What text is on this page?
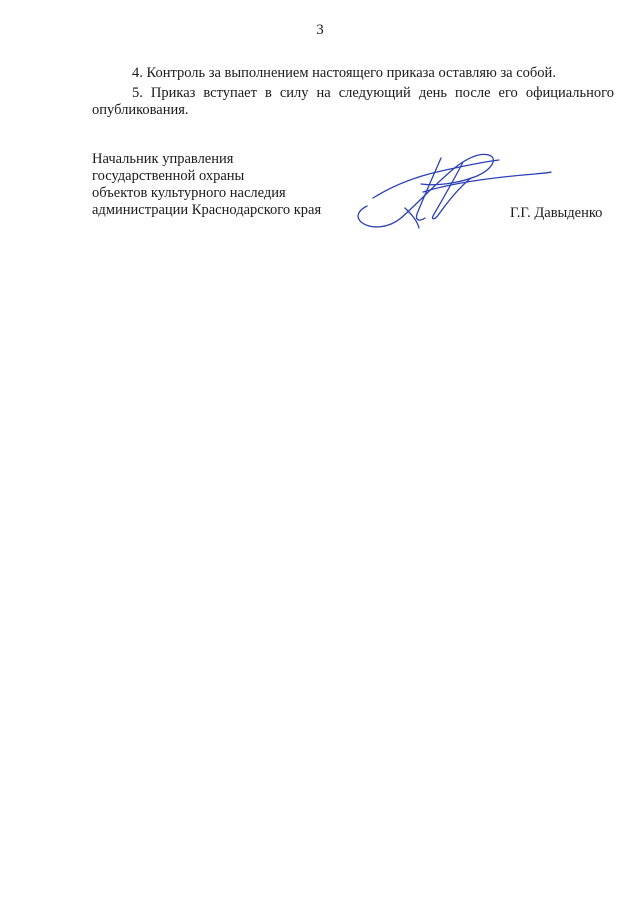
3

4. Контроль за выполнением настоящего приказа оставляю за собой.

5. Приказ вступает в силу на следующий день после его официального опубликования.

Начальник управления
государственной охраны
объектов культурного наследия
администрации Краснодарского края	Г.Г. Давыденко
